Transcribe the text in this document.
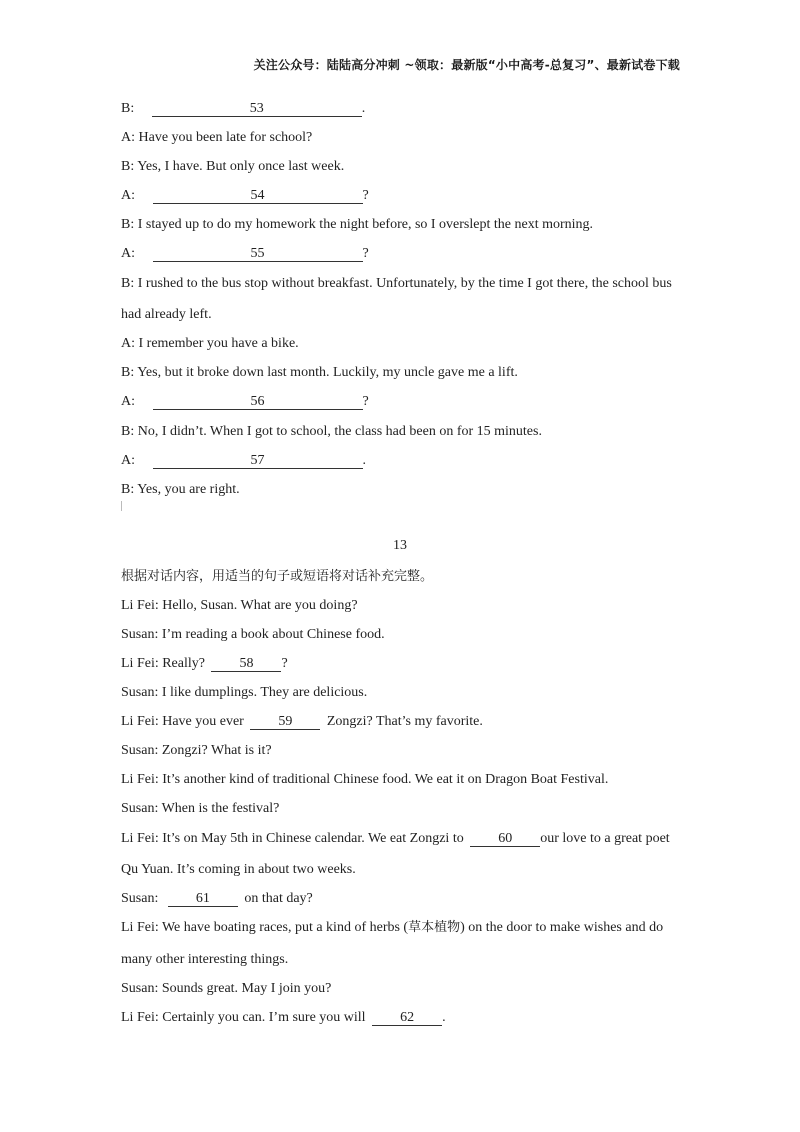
关注公众号：陆陆高分冲刺 ~领取：最新版“小中高考-总复习”、最新试卷下载
B:	53	.
A: Have you been late for school?
B: Yes, I have. But only once last week.
A:	54	?
B: I stayed up to do my homework the night before, so I overslept the next morning.
A:	55	?
B: I rushed to the bus stop without breakfast. Unfortunately, by the time I got there, the school bus
had already left.
A: I remember you have a bike.
B: Yes, but it broke down last month. Luckily, my uncle gave me a lift.
A:	56	?
B: No, I didn’t. When I got to school, the class had been on for 15 minutes.
A:	57	.
B: Yes, you are right.
13
根据对话内容，用适当的句子或短语将对话补充完整。
Li Fei: Hello, Susan. What are you doing?
Susan: I’m reading a book about Chinese food.
Li Fei: Really? 58 ?
Susan: I like dumplings. They are delicious.
Li Fei: Have you ever 59 Zongzi? That’s my favorite.
Susan: Zongzi? What is it?
Li Fei: It’s another kind of traditional Chinese food. We eat it on Dragon Boat Festival.
Susan: When is the festival?
Li Fei: It’s on May 5th in Chinese calendar. We eat Zongzi to 60 our love to a great poet
Qu Yuan. It’s coming in about two weeks.
Susan:	61 on that day?
Li Fei: We have boating races, put a kind of herbs (草本植物) on the door to make wishes and do
many other interesting things.
Susan: Sounds great. May I join you?
Li Fei: Certainly you can. I’m sure you will 62 .
